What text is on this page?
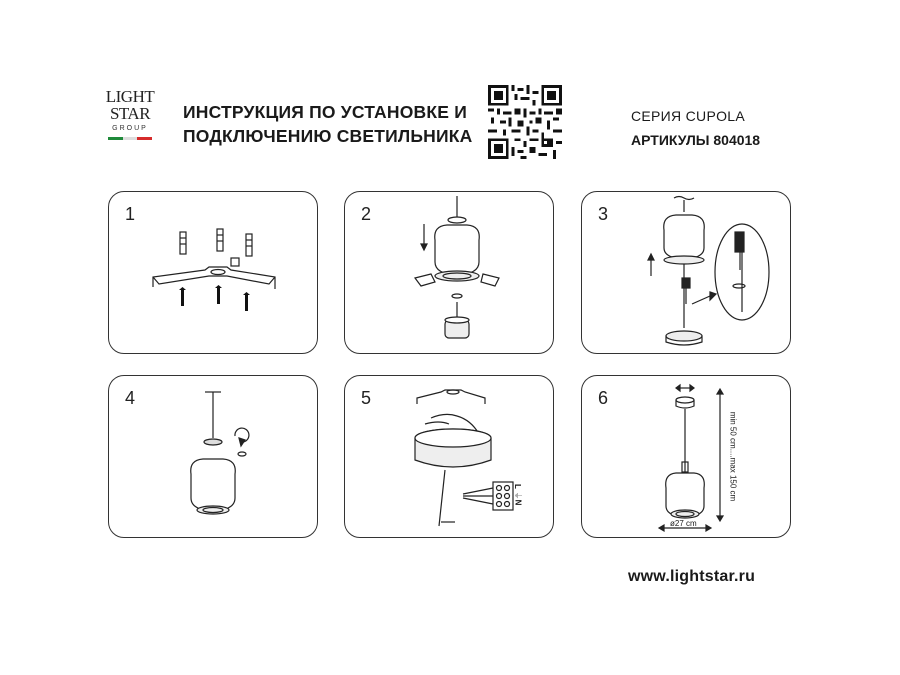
LIGHT
STAR
GROUP
ИНСТРУКЦИЯ ПО УСТАНОВКЕ И
ПОДКЛЮЧЕНИЮ СВЕТИЛЬНИКА
СЕРИЯ CUPOLA
АРТИКУЛЫ 804018
1	2	3
4	5
L
⏚
N
6
min 50 cm....max 150 cm
ø27 cm
www.lightstar.ru
